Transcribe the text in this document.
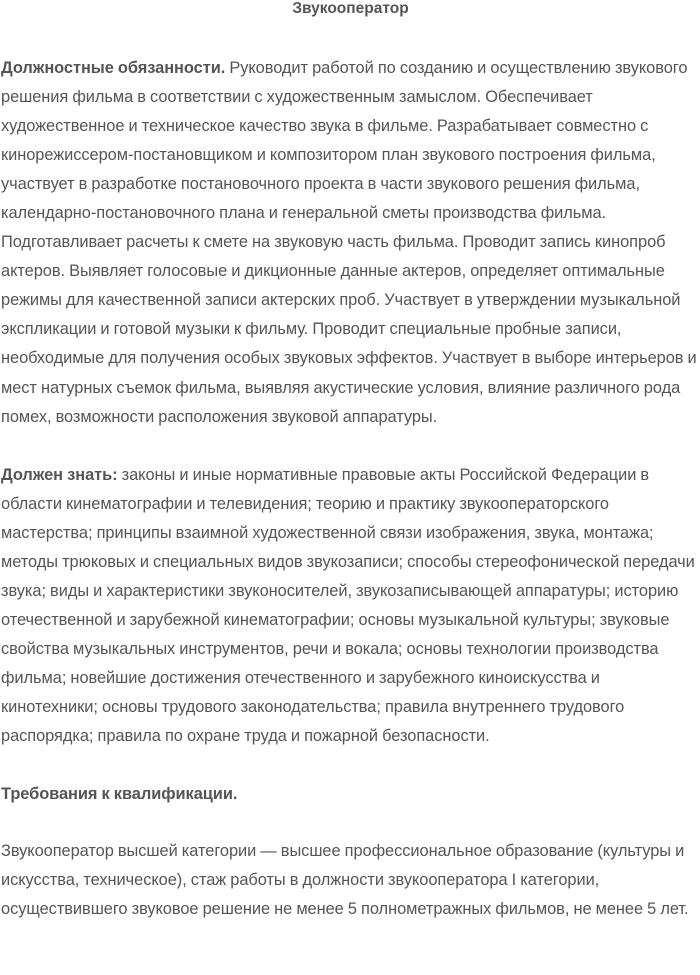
Звукооператор

Должностные обязанности. Руководит работой по созданию и осуществлению звукового решения фильма в соответствии с художественным замыслом. Обеспечивает художественное и техническое качество звука в фильме. Разрабатывает совместно с кинорежиссером-постановщиком и композитором план звукового построения фильма, участвует в разработке постановочного проекта в части звукового решения фильма, календарно-постановочного плана и генеральной сметы производства фильма. Подготавливает расчеты к смете на звуковую часть фильма. Проводит запись кинопроб актеров. Выявляет голосовые и дикционные данные актеров, определяет оптимальные режимы для качественной записи актерских проб. Участвует в утверждении музыкальной экспликации и готовой музыки к фильму. Проводит специальные пробные записи, необходимые для получения особых звуковых эффектов. Участвует в выборе интерьеров и мест натурных съемок фильма, выявляя акустические условия, влияние различного рода помех, возможности расположения звуковой аппаратуры.

Должен знать: законы и иные нормативные правовые акты Российской Федерации в области кинематографии и телевидения; теорию и практику звукооператорского мастерства; принципы взаимной художественной связи изображения, звука, монтажа; методы трюковых и специальных видов звукозаписи; способы стереофонической передачи звука; виды и характеристики звуконосителей, звукозаписывающей аппаратуры; историю отечественной и зарубежной кинематографии; основы музыкальной культуры; звуковые свойства музыкальных инструментов, речи и вокала; основы технологии производства фильма; новейшие достижения отечественного и зарубежного киноискусства и кинотехники; основы трудового законодательства; правила внутреннего трудового распорядка; правила по охране труда и пожарной безопасности.

Требования к квалификации.

Звукооператор высшей категории — высшее профессиональное образование (культуры и искусства, техническое), стаж работы в должности звукооператора I категории, осуществившего звуковое решение не менее 5 полнометражных фильмов, не менее 5 лет.
